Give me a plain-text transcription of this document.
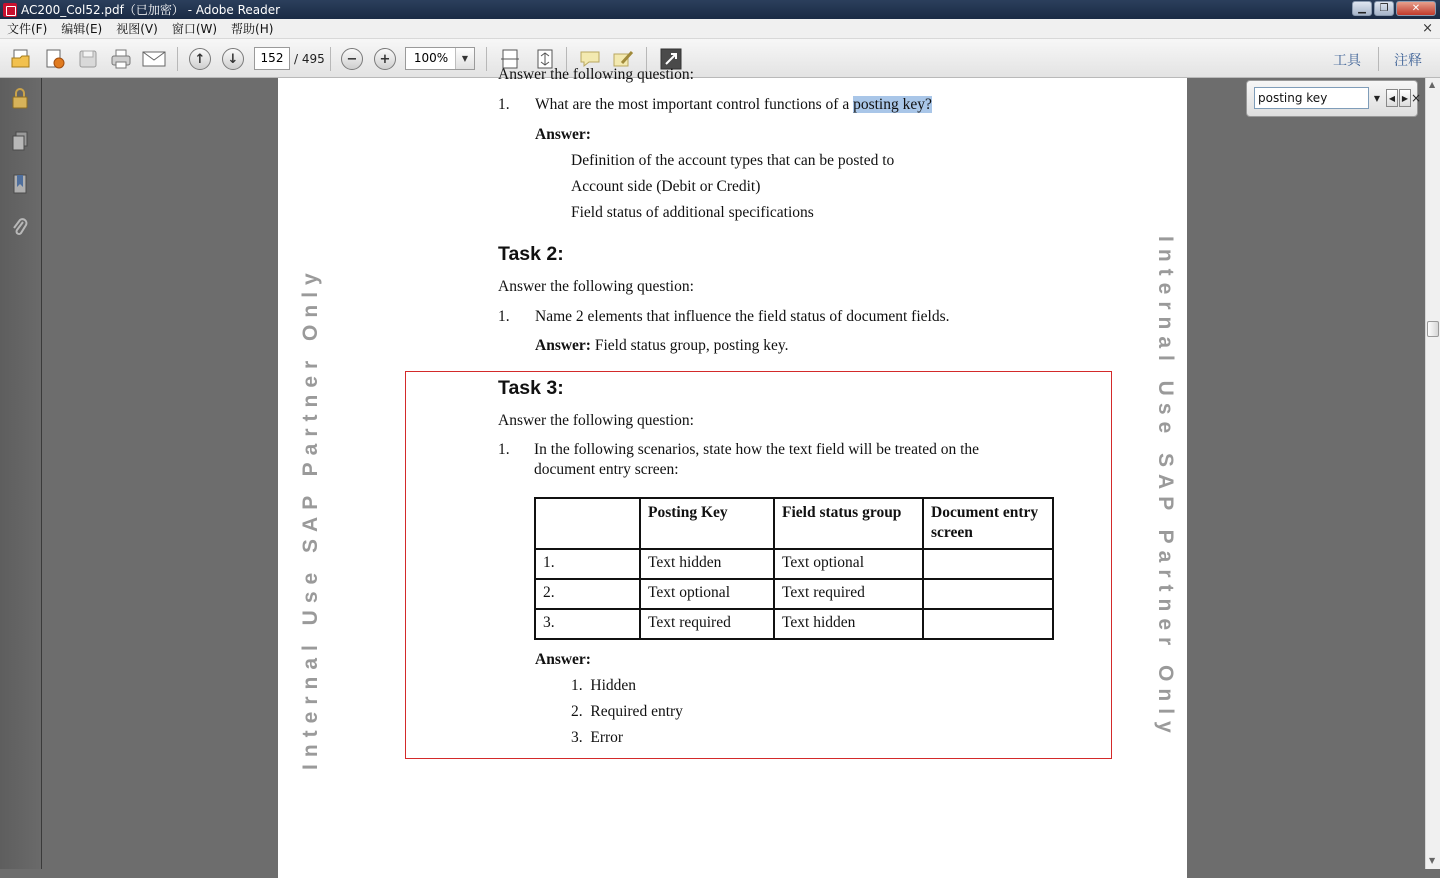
AC200_Col52.pdf（已加密） - Adobe Reader	▁	❐	✕
文件(F)	编辑(E)	视图(V)	窗口(W)	帮助(H)	×
↑	↓	−	+
152 / 495	100%	▼	工具 注释
Internal Use SAP Partner Only	Internal Use SAP Partner Only
Answer the following question:
1. What are the most important control functions of a posting key?
Answer:
Definition of the account types that can be posted to
Account side (Debit or Credit)
Field status of additional specifications
Task 2:
Answer the following question:
1. Name 2 elements that influence the field status of document fields.
Answer: Field status group, posting key.
Task 3:
Answer the following question:
1. In the following scenarios, state how the text field will be treated on the
document entry screen:
	Posting Key	Field status group	Document entry screen
1.	Text hidden	Text optional	
2.	Text optional	Text required	
3.	Text required	Text hidden	
Answer:
1. Hidden
2. Required entry
3. Error
posting key	▼	◀ ▶ ×
▲
▼
